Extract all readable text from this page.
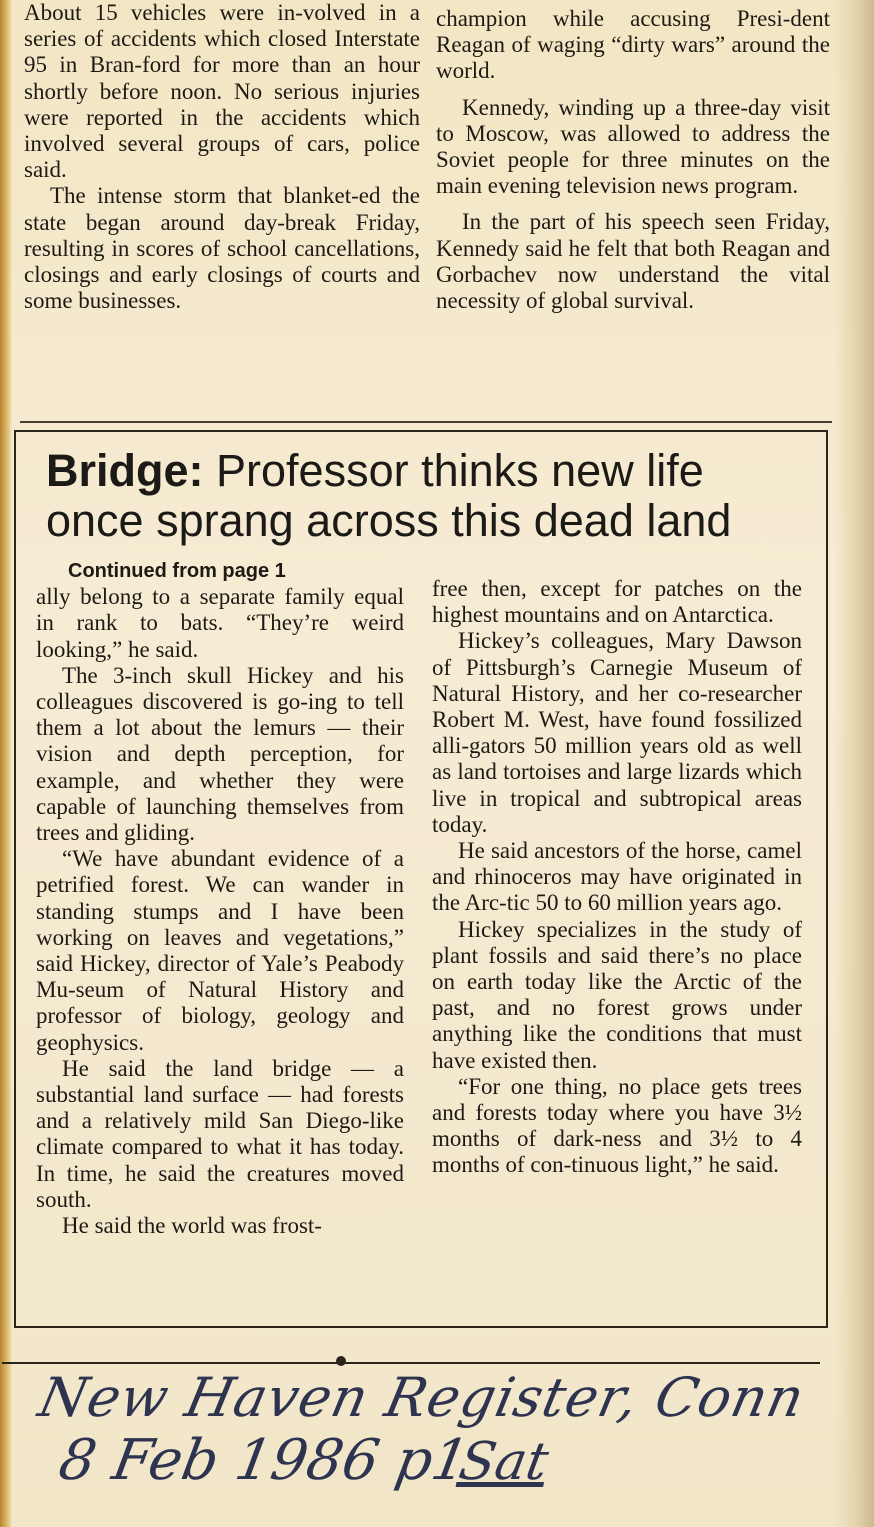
About 15 vehicles were in-volved in a series of accidents which closed Interstate 95 in Bran-ford for more than an hour shortly before noon. No serious injuries were reported in the accidents which involved several groups of cars, police said.

The intense storm that blanket-ed the state began around day-break Friday, resulting in scores of school cancellations, closings and early closings of courts and some businesses.

champion while accusing Presi-dent Reagan of waging “dirty wars” around the world.

Kennedy, winding up a three-day visit to Moscow, was allowed to address the Soviet people for three minutes on the main evening television news program.

In the part of his speech seen Friday, Kennedy said he felt that both Reagan and Gorbachev now understand the vital necessity of global survival.

Bridge: Professor thinks new life once sprang across this dead land

Continued from page 1

ally belong to a separate family equal in rank to bats. “They’re weird looking,” he said.

The 3-inch skull Hickey and his colleagues discovered is go-ing to tell them a lot about the lemurs — their vision and depth perception, for example, and whether they were capable of launching themselves from trees and gliding.

“We have abundant evidence of a petrified forest. We can wander in standing stumps and I have been working on leaves and vegetations,” said Hickey, director of Yale’s Peabody Mu-seum of Natural History and professor of biology, geology and geophysics.

He said the land bridge — a substantial land surface — had forests and a relatively mild San Diego-like climate compared to what it has today. In time, he said the creatures moved south.

He said the world was frost-

free then, except for patches on the highest mountains and on Antarctica.

Hickey’s colleagues, Mary Dawson of Pittsburgh’s Carnegie Museum of Natural History, and her co-researcher Robert M. West, have found fossilized alli-gators 50 million years old as well as land tortoises and large lizards which live in tropical and subtropical areas today.

He said ancestors of the horse, camel and rhinoceros may have originated in the Arc-tic 50 to 60 million years ago.

Hickey specializes in the study of plant fossils and said there’s no place on earth today like the Arctic of the past, and no forest grows under anything like the conditions that must have existed then.

“For one thing, no place gets trees and forests today where you have 3½ months of dark-ness and 3½ to 4 months of con-tinuous light,” he said.

New Haven Register, Conn
8 Feb 1986 p1
Sat
